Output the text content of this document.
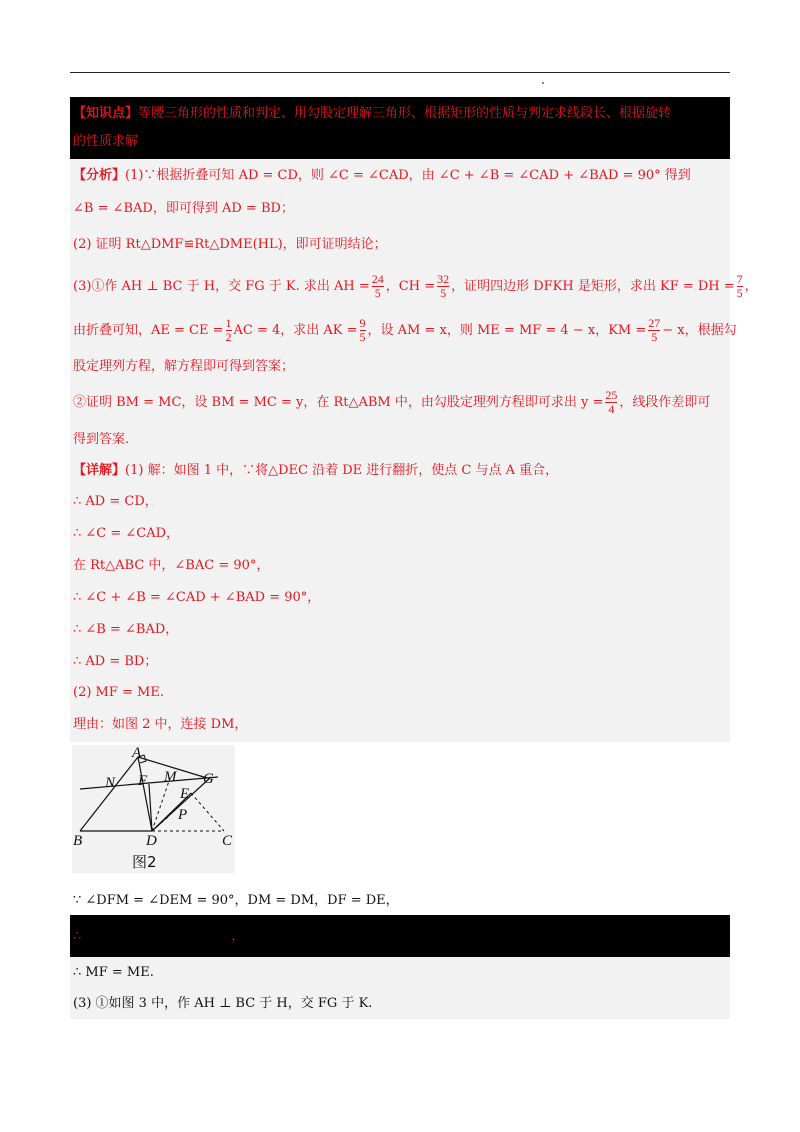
【知识点】等腰三角形的性质和判定、用勾股定理解三角形、根据矩形的性质与判定求线段长、根据旋转
的性质求解
【分析】 (1)∵根据折叠可知 AD = CD，则 ∠C = ∠CAD，由 ∠C + ∠B = ∠CAD + ∠BAD = 90° 得到
∠B = ∠BAD，即可得到 AD = BD；
(2) 证明 Rt△DMF≌Rt△DME(HL)，即可证明结论；
(3)①作 AH ⊥ BC 于 H，交 FG 于 K. 求出 AH = $\frac{24}{5}$ ，CH = $\frac{32}{5}$ ，证明四边形 DFKH 是矩形，求出 KF = DH = $\frac{7}{5}$ ，
由折叠可知，AE = CE = $\frac{1}{2}$ AC = 4，求出 AK = $\frac{9}{5}$ ，设 AM = x，则 ME = MF = 4 − x，KM = $\frac{27}{5} - x$，根据勾
股定理列方程，解方程即可得到答案；
②证明 BM = MC，设 BM = MC = y，在 Rt△ABM 中，由勾股定理列方程即可求出 $y = \frac{25}{4}$ ，线段作差即可
得到答案.
【详解】 (1) 解：如图 1 中，∵将△DEC 沿着 DE 进行翻折，使点 C 与点 A 重合，
∴ AD = CD，
∴ ∠C = ∠CAD，
在 Rt△ABC 中，∠BAC = 90°，
∴ ∠C + ∠B = ∠CAD + ∠BAD = 90°，
∴ ∠B = ∠BAD，
∴ AD = BD；
(2) MF = ME.
理由：如图 2 中，连接 DM，
A
N F M G
E
P
B	D	C
图2
∵ ∠DFM = ∠DEM = 90°，DM = DM，DF = DE，
∴	，
∴ MF = ME.
(3) ①如图 3 中，作 AH ⊥ BC 于 H，交 FG 于 K.
